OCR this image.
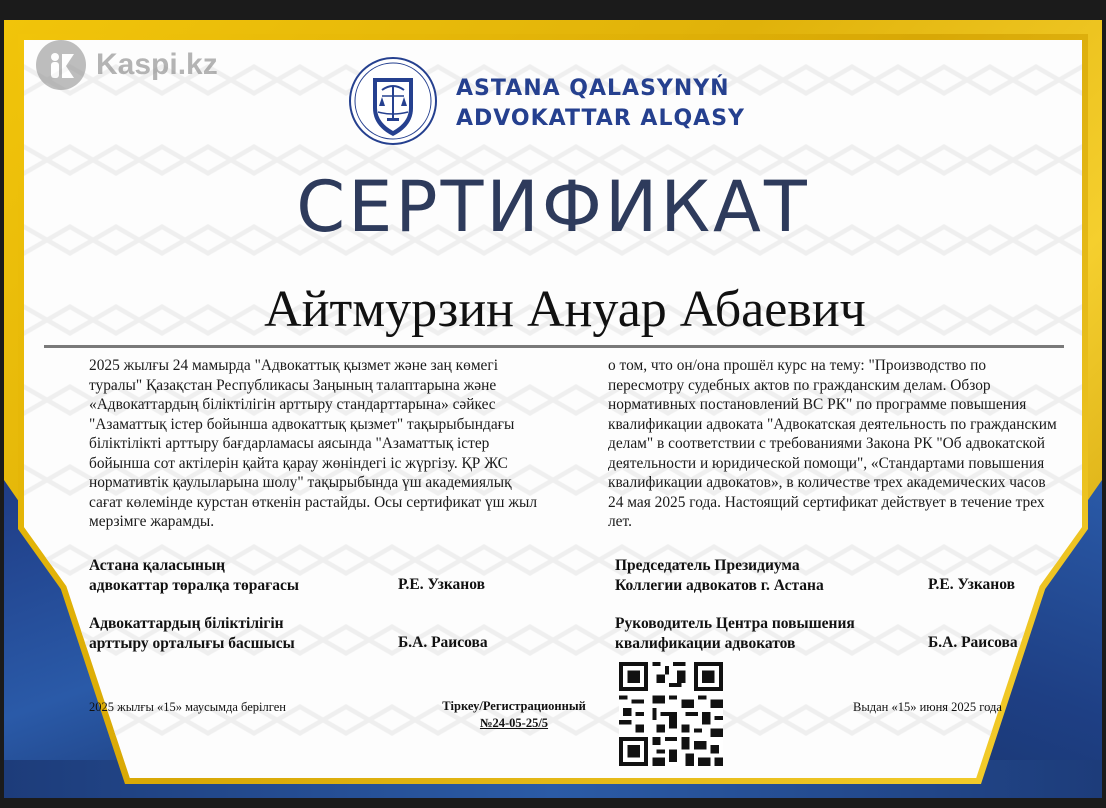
Kaspi.kz
ASTANA QALASYNYŃ
ADVOKATTAR ALQASY
СЕРТИФИКАТ
Айтмурзин Ануар Абаевич
2025 жылғы 24 мамырда "Адвокаттық қызмет және заң көмегі туралы" Қазақстан Республикасы Заңының талаптарына және «Адвокаттардың біліктілігін арттыру стандарттарына» сәйкес "Азаматтық істер бойынша адвокаттық қызмет" тақырыбындағы біліктілікті арттыру бағдарламасы аясында "Азаматтық істер бойынша сот актілерін қайта қарау жөніндегі іс жүргізу. ҚР ЖС нормативтік қаулыларына шолу" тақырыбында үш академиялық сағат көлемінде курстан өткенін растайды. Осы сертификат үш жыл мерзімге жарамды.
о том, что он/она прошёл курс на тему: "Производство по пересмотру судебных актов по гражданским делам. Обзор нормативных постановлений ВС РК" по программе повышения квалификации адвоката "Адвокатская деятельность по гражданским делам" в соответствии с требованиями Закона РК "Об адвокатской деятельности и юридической помощи", «Стандартами повышения квалификации адвокатов», в количестве трех академических часов 24 мая 2025 года. Настоящий сертификат действует в течение трех лет.
Астана қаласының
адвокаттар төралқа төрағасы	Р.Е. Узканов
Адвокаттардың біліктілігін
арттыру орталығы басшысы	Б.А. Раисова
Председатель Президиума
Коллегии адвокатов г. Астана	Р.Е. Узканов
Руководитель Центра повышения
квалификации адвокатов	Б.А. Раисова
2025 жылғы «15» маусымда берілген	Тіркеу/Регистрационный
№24-05-25/5
Выдан «15» июня 2025 года
